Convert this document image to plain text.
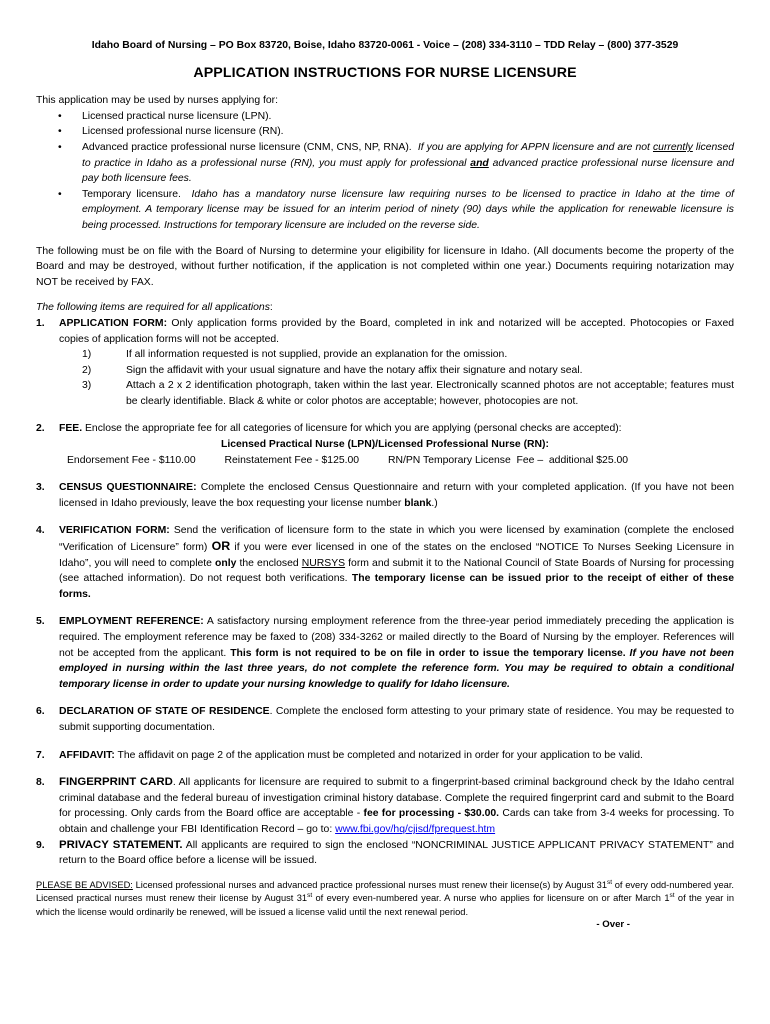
Idaho Board of Nursing – PO Box 83720, Boise, Idaho 83720-0061 - Voice – (208) 334-3110 – TDD Relay – (800) 377-3529
APPLICATION INSTRUCTIONS FOR NURSE LICENSURE

This application may be used by nurses applying for:

• Licensed practical nurse licensure (LPN).
• Licensed professional nurse licensure (RN).
• Advanced practice professional nurse licensure (CNM, CNS, NP, RNA). If you are applying for APPN licensure and are not currently licensed to practice in Idaho as a professional nurse (RN), you must apply for professional and advanced practice professional nurse licensure and pay both licensure fees.
• Temporary licensure. Idaho has a mandatory nurse licensure law requiring nurses to be licensed to practice in Idaho at the time of employment. A temporary license may be issued for an interim period of ninety (90) days while the application for renewable licensure is being processed. Instructions for temporary licensure are included on the reverse side.

The following must be on file with the Board of Nursing to determine your eligibility for licensure in Idaho. (All documents become the property of the Board and may be destroyed, without further notification, if the application is not completed within one year.) Documents requiring notarization may NOT be received by FAX.

The following items are required for all applications:

1. APPLICATION FORM: Only application forms provided by the Board, completed in ink and notarized will be accepted. Photocopies or Faxed copies of application forms will not be accepted.
1)	If all information requested is not supplied, provide an explanation for the omission.
2)	Sign the affidavit with your usual signature and have the notary affix their signature and notary seal.
3)	Attach a 2 x 2 identification photograph, taken within the last year. Electronically scanned photos are not acceptable; features must be clearly identifiable. Black & white or color photos are acceptable; however, photocopies are not.
2. FEE. Enclose the appropriate fee for all categories of licensure for which you are applying (personal checks are accepted):
Licensed Practical Nurse (LPN)/Licensed Professional Nurse (RN):
Endorsement Fee - $110.00	Reinstatement Fee - $125.00	RN/PN Temporary License  Fee –  additional $25.00
3. CENSUS QUESTIONNAIRE: Complete the enclosed Census Questionnaire and return with your completed application. (If you have not been licensed in Idaho previously, leave the box requesting your license number blank.)
4. VERIFICATION FORM: Send the verification of licensure form to the state in which you were licensed by examination (complete the enclosed “Verification of Licensure” form) OR if you were ever licensed in one of the states on the enclosed “NOTICE To Nurses Seeking Licensure in Idaho”, you will need to complete only the enclosed NURSYS form and submit it to the National Council of State Boards of Nursing for processing (see attached information). Do not request both verifications. The temporary license can be issued prior to the receipt of either of these forms.
5. EMPLOYMENT REFERENCE: A satisfactory nursing employment reference from the three-year period immediately preceding the application is required. The employment reference may be faxed to (208) 334-3262 or mailed directly to the Board of Nursing by the employer. References will not be accepted from the applicant. This form is not required to be on file in order to issue the temporary license. If you have not been employed in nursing within the last three years, do not complete the reference form. You may be required to obtain a conditional temporary license in order to update your nursing knowledge to qualify for Idaho licensure.
6. DECLARATION OF STATE OF RESIDENCE. Complete the enclosed form attesting to your primary state of residence. You may be requested to submit supporting documentation.
7. AFFIDAVIT: The affidavit on page 2 of the application must be completed and notarized in order for your application to be valid.
8. FINGERPRINT CARD. All applicants for licensure are required to submit to a fingerprint-based criminal background check by the Idaho central criminal database and the federal bureau of investigation criminal history database. Complete the required fingerprint card and submit to the Board for processing. Only cards from the Board office are acceptable - fee for processing - $30.00. Cards can take from 3-4 weeks for processing. To obtain and challenge your FBI Identification Record – go to: www.fbi.gov/hq/cjisd/fprequest.htm
9. PRIVACY STATEMENT. All applicants are required to sign the enclosed “NONCRIMINAL JUSTICE APPLICANT PRIVACY STATEMENT” and return to the Board office before a license will be issued.

PLEASE BE ADVISED: Licensed professional nurses and advanced practice professional nurses must renew their license(s) by August 31st of every odd-numbered year. Licensed practical nurses must renew their license by August 31st of every even-numbered year. A nurse who applies for licensure on or after March 1st of the year in which the license would ordinarily be renewed, will be issued a license valid until the next renewal period.

- Over -
